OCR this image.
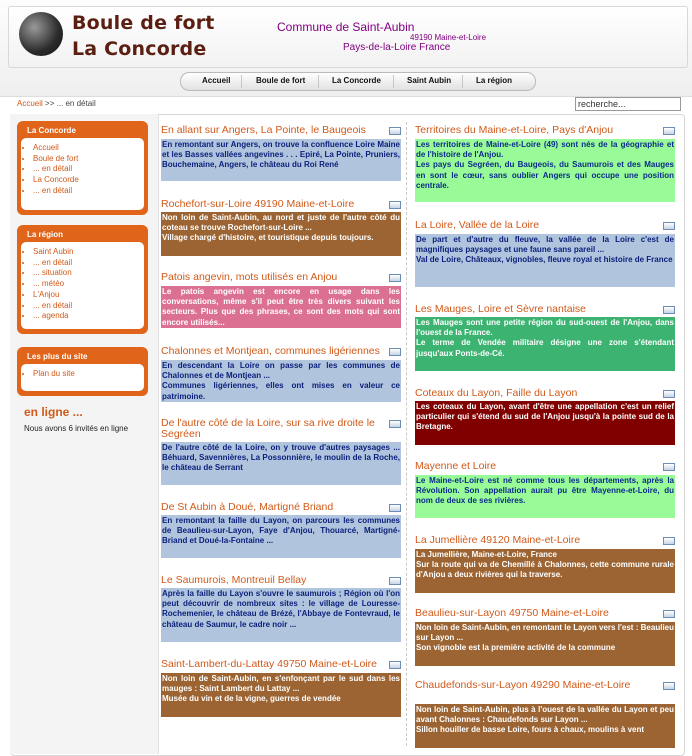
Boule de fort
La Concorde
Commune de Saint-Aubin
49190 Maine-et-Loire
Pays-de-la-Loire France
Accueil	Boule de fort	La Concorde	Saint Aubin	La région
Accueil >> ... en détail
recherche...
La Concorde
• Accueil
• Boule de fort
• ... en détail
• La Concorde
• ... en détail
La région
• Saint Aubin
• ... en détail
• ... situation
• ... météo
• L'Anjou
• ... en détail
• ... agenda
Les plus du site
• Plan du site
en ligne ...
Nous avons 6 invités en ligne
En allant sur Angers, La Pointe, le Baugeois

En remontant sur Angers, on trouve la confluence Loire Maine et les Basses vallées angevines . . . Epiré, La Pointe, Pruniers, Bouchemaine, Angers, le château du Roi René

Rochefort-sur-Loire 49190 Maine-et-Loire

Non loin de Saint-Aubin, au nord et juste de l'autre côté du coteau se trouve Rochefort-sur-Loire ...

Village chargé d'histoire, et touristique depuis toujours.

Patois angevin, mots utilisés en Anjou

Le patois angevin est encore en usage dans les conversations, même s'il peut être très divers suivant les secteurs. Plus que des phrases, ce sont des mots qui sont encore utilisés...

Chalonnes et Montjean, communes ligériennes

En descendant la Loire on passe par les communes de Chalonnes et de Montjean ...

Communes ligériennes, elles ont mises en valeur ce patrimoine.

De l'autre côté de la Loire, sur sa rive droite le Segréen

De l'autre côté de la Loire, on y trouve d'autres paysages ... Béhuard, Savennières, La Possonnière, le moulin de la Roche, le château de Serrant

De St Aubin à Doué, Martigné Briand

En remontant la faille du Layon, on parcours les communes de Beaulieu-sur-Layon, Faye d'Anjou, Thouarcé, Martigné-Briand et Doué-la-Fontaine ...

Le Saumurois, Montreuil Bellay

Après la faille du Layon s'ouvre le saumurois ; Région où l'on peut découvrir de nombreux sites : le village de Louresse-Rochemenier, le château de Brézé, l'Abbaye de Fontevraud, le château de Saumur, le cadre noir ...

Saint-Lambert-du-Lattay 49750 Maine-et-Loire

Non loin de Saint-Aubin, en s'enfonçant par le sud dans les mauges : Saint Lambert du Lattay ...

Musée du vin et de la vigne, guerres de vendée

Territoires du Maine-et-Loire, Pays d'Anjou

Les territoires de Maine-et-Loire (49) sont nés de la géographie et de l'histoire de l'Anjou.

Les pays du Segréen, du Baugeois, du Saumurois et des Mauges en sont le cœur, sans oublier Angers qui occupe une position centrale.

La Loire, Vallée de la Loire

De part et d'autre du fleuve, la vallée de la Loire c'est de magnifiques paysages et une faune sans pareil ...

Val de Loire, Châteaux, vignobles, fleuve royal et histoire de France

Les Mauges, Loire et Sèvre nantaise

Les Mauges sont une petite région du sud-ouest de l'Anjou, dans l'ouest de la France.

Le terme de Vendée militaire désigne une zone s'étendant jusqu'aux Ponts-de-Cé.

Coteaux du Layon, Faille du Layon

Les coteaux du Layon, avant d'être une appellation c'est un relief particulier qui s'étend du sud de l'Anjou jusqu'à la pointe sud de la Bretagne.

Mayenne et Loire

Le Maine-et-Loire est né comme tous les départements, après la Révolution. Son appellation aurait pu être Mayenne-et-Loire, du nom de deux de ses rivières.

La Jumellière 49120 Maine-et-Loire

La Jumellière, Maine-et-Loire, France

Sur la route qui va de Chemillé à Chalonnes, cette commune rurale d'Anjou a deux rivières qui la traverse.

Beaulieu-sur-Layon 49750 Maine-et-Loire

Non loin de Saint-Aubin, en remontant le Layon vers l'est : Beaulieu sur Layon ...

Son vignoble est la première activité de la commune

Chaudefonds-sur-Layon 49290 Maine-et-Loire

Non loin de Saint-Aubin, plus à l'ouest de la vallée du Layon et peu avant Chalonnes : Chaudefonds sur Layon ...

Sillon houiller de basse Loire, fours à chaux, moulins à vent
